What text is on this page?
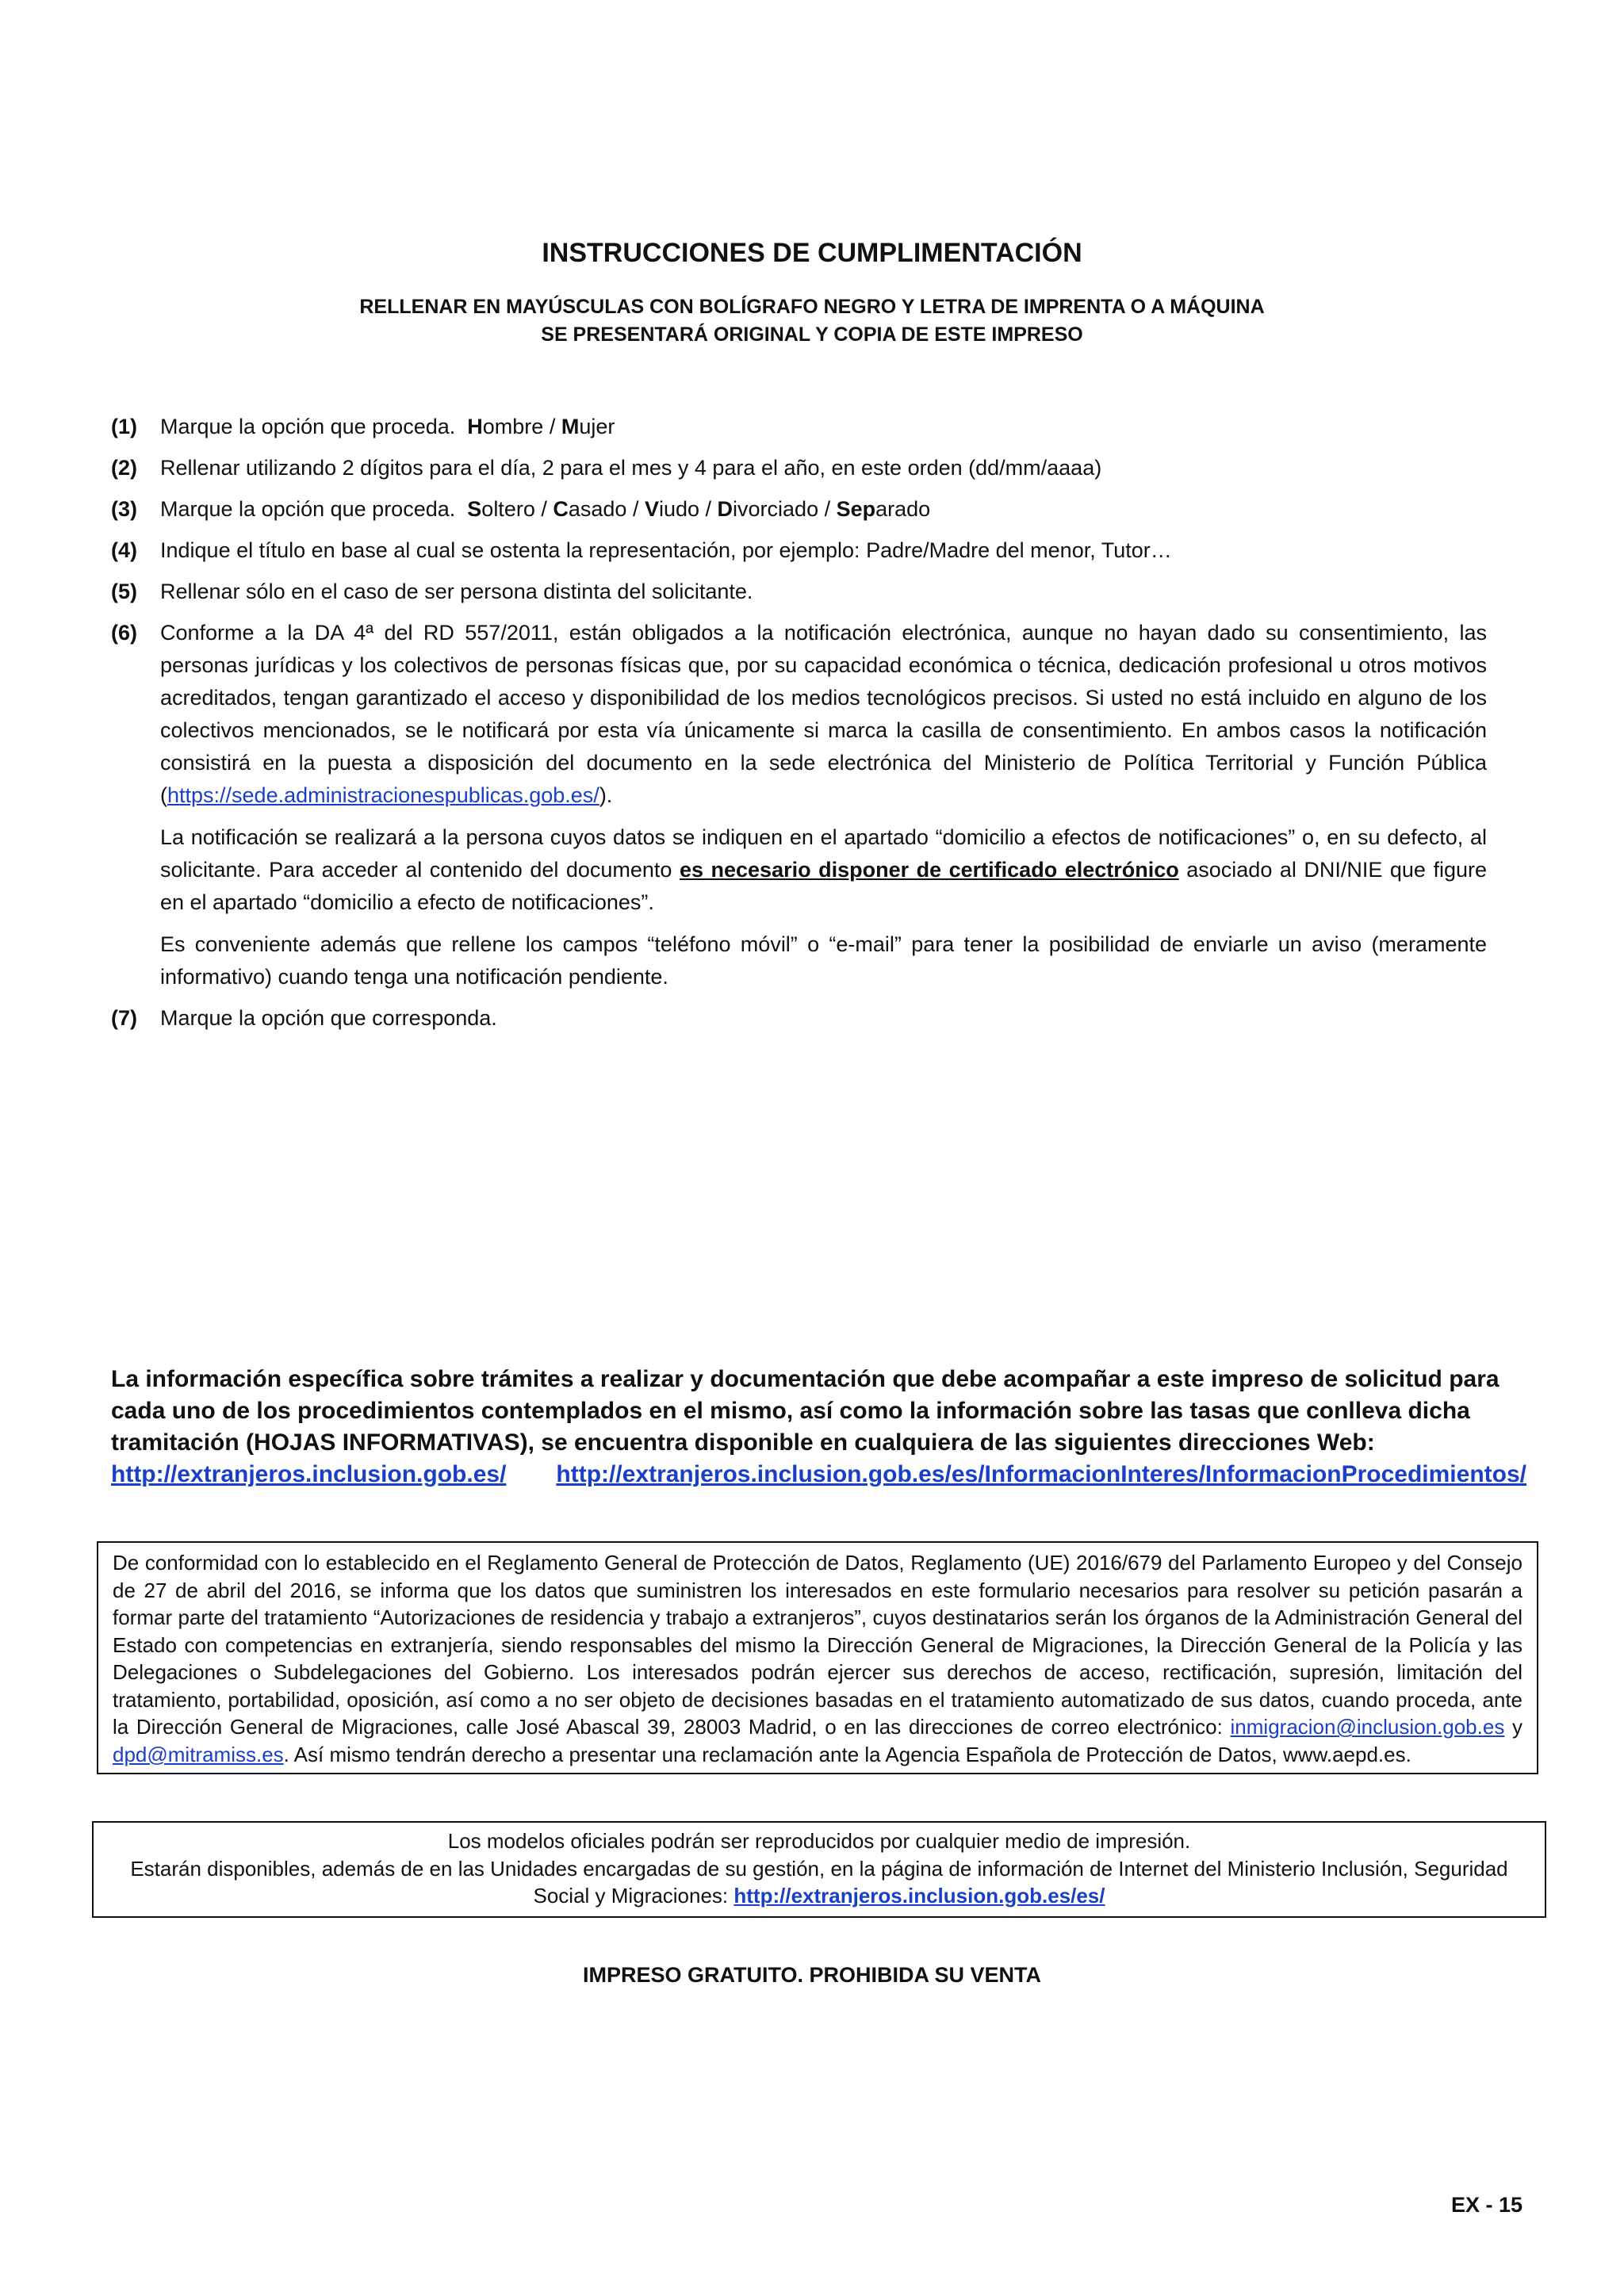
INSTRUCCIONES DE CUMPLIMENTACIÓN
RELLENAR EN MAYÚSCULAS CON BOLÍGRAFO NEGRO Y LETRA DE IMPRENTA O A MÁQUINA
SE PRESENTARÁ ORIGINAL Y COPIA DE ESTE IMPRESO
(1) Marque la opción que proceda. Hombre / Mujer

(2) Rellenar utilizando 2 dígitos para el día, 2 para el mes y 4 para el año, en este orden (dd/mm/aaaa)

(3) Marque la opción que proceda. Soltero / Casado / Viudo / Divorciado / Separado

(4) Indique el título en base al cual se ostenta la representación, por ejemplo: Padre/Madre del menor, Tutor…

(5) Rellenar sólo en el caso de ser persona distinta del solicitante.

(6) Conforme a la DA 4ª del RD 557/2011, están obligados a la notificación electrónica, aunque no hayan dado su consentimiento, las personas jurídicas y los colectivos de personas físicas que, por su capacidad económica o técnica, dedicación profesional u otros motivos acreditados, tengan garantizado el acceso y disponibilidad de los medios tecnológicos precisos. Si usted no está incluido en alguno de los colectivos mencionados, se le notificará por esta vía únicamente si marca la casilla de consentimiento. En ambos casos la notificación consistirá en la puesta a disposición del documento en la sede electrónica del Ministerio de Política Territorial y Función Pública (https://sede.administracionespublicas.gob.es/).

La notificación se realizará a la persona cuyos datos se indiquen en el apartado “domicilio a efectos de notificaciones” o, en su defecto, al solicitante. Para acceder al contenido del documento es necesario disponer de certificado electrónico asociado al DNI/NIE que figure en el apartado “domicilio a efecto de notificaciones”.

Es conveniente además que rellene los campos “teléfono móvil” o “e-mail” para tener la posibilidad de enviarle un aviso (meramente informativo) cuando tenga una notificación pendiente.

(7) Marque la opción que corresponda.

La información específica sobre trámites a realizar y documentación que debe acompañar a este impreso de solicitud para cada uno de los procedimientos contemplados en el mismo, así como la información sobre las tasas que conlleva dicha tramitación (HOJAS INFORMATIVAS), se encuentra disponible en cualquiera de las siguientes direcciones Web:

http://extranjeros.inclusion.gob.es/	http://extranjeros.inclusion.gob.es/es/InformacionInteres/InformacionProcedimientos/
De conformidad con lo establecido en el Reglamento General de Protección de Datos, Reglamento (UE) 2016/679 del Parlamento Europeo y del Consejo de 27 de abril del 2016, se informa que los datos que suministren los interesados en este formulario necesarios para resolver su petición pasarán a formar parte del tratamiento “Autorizaciones de residencia y trabajo a extranjeros”, cuyos destinatarios serán los órganos de la Administración General del Estado con competencias en extranjería, siendo responsables del mismo la Dirección General de Migraciones, la Dirección General de la Policía y las Delegaciones o Subdelegaciones del Gobierno. Los interesados podrán ejercer sus derechos de acceso, rectificación, supresión, limitación del tratamiento, portabilidad, oposición, así como a no ser objeto de decisiones basadas en el tratamiento automatizado de sus datos, cuando proceda, ante la Dirección General de Migraciones, calle José Abascal 39, 28003 Madrid, o en las direcciones de correo electrónico: inmigracion@inclusion.gob.es y dpd@mitramiss.es. Así mismo tendrán derecho a presentar una reclamación ante la Agencia Española de Protección de Datos, www.aepd.es.
Los modelos oficiales podrán ser reproducidos por cualquier medio de impresión.
Estarán disponibles, además de en las Unidades encargadas de su gestión, en la página de información de Internet del Ministerio Inclusión, Seguridad Social y Migraciones: http://extranjeros.inclusion.gob.es/es/
IMPRESO GRATUITO. PROHIBIDA SU VENTA
EX - 15
